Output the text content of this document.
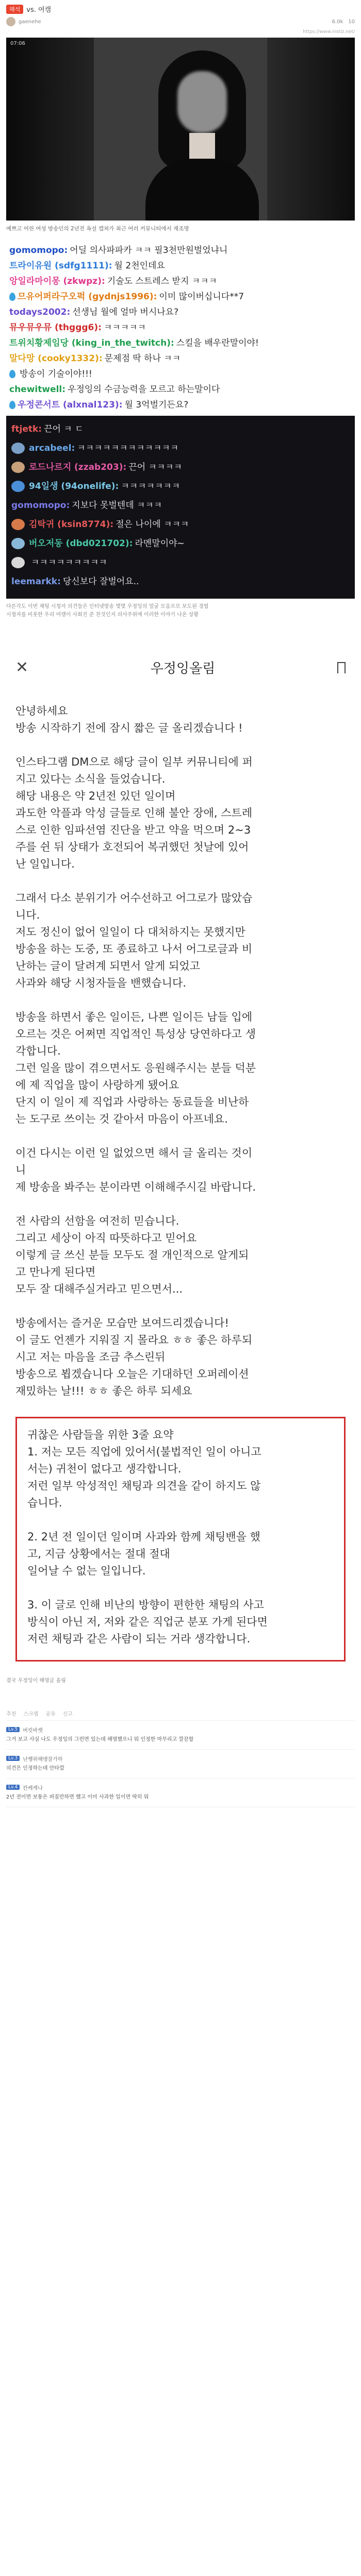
해석 vs. 여캠
gaenehe	6.0k 10
https://www.instiz.net/
07:06
예쁘고 어린 여성 방송인의 2년전 욕설 캡쳐가 최근 여러 커뮤니티에서 재조명
gomomopo: 어딜 의사파파카 ㅋㅋ 필3천만원벌었냐니
트라이유원 (sdfg1111): 월 2천인데요
앙일라마이몽 (zkwpz): 기술도 스트레스 받지 ㅋㅋㅋ
므유어퍼라구오퍽 (gydnjs1996): 이미 많이버십니다**7
todays2002: 선생님 월에 얼마 버시나요?
뮤우뮤우뮤 (thggg6): ㅋㅋㅋㅋㅋ
트위치황제임당 (king_in_the_twitch): 스킬을 배우란말이야!
말다망 (cooky1332): 문제점 딱 하나 ㅋㅋ
방송이 기술이야!!!
chewitwell: 우정잉의 수금능력을 모르고 하는말이다
우정콘서트 (alxnal123): 월 3억벌기든요?
ftjetk: 끈어 ㅋ ㄷ
arcabeel: ㅋㅋㅋㅋㅋㅋㅋㅋㅋㅋㅋㅋ
로드나르지 (zzab203): 끈어 ㅋㅋㅋㅋ
94일생 (94onelife): ㅋㅋㅋㅋㅋㅋㅋ
gomomopo: 지보다 못벌텐데 ㅋㅋㅋ
김탁귀 (ksin8774): 절은 나이에 ㅋㅋㅋ
버오저동 (dbd021702): 라멘말이야~
ㅋㅋㅋㅋㅋㅋㅋㅋㅋ
leemarkk: 당신보다 잘벌어요..
다른각도 이번 채팅 시청자 의견들은 인터넷방송 몇몇 우정잉의 얼굴 모음으로 보도된 경험
시청자를 비롯한 우리 여캠이 사회진 준 찬것인지 의사주위에 이러한 이야기 나온 상황
✕	우정잉올림
안녕하세요
방송 시작하기 전에 잠시 짧은 글 올리겠습니다 !
인스타그램 DM으로 해당 글이 일부 커뮤니티에 퍼
지고 있다는 소식을 들었습니다.
해당 내용은 약 2년전 있던 일이며
과도한 악플과 악성 글들로 인해 불안 장애, 스트레
스로 인한 임파선염 진단을 받고 약을 먹으며 2~3
주를 쉰 뒤 상태가 호전되어 복귀했던 첫날에 있어
난 일입니다.
그래서 다소 분위기가 어수선하고 어그로가 많았습
니다.
저도 정신이 없어 일일이 다 대처하지는 못했지만
방송을 하는 도중, 또 종료하고 나서 어그로글과 비
난하는 글이 달려계 되면서 알게 되었고
사과와 해당 시청자들을 밴했습니다.
방송을 하면서 좋은 일이든, 나쁜 일이든 남들 입에
오르는 것은 어쩌면 직업적인 특성상 당연하다고 생
각합니다.
그런 일을 많이 겪으면서도 응원해주시는 분들 덕분
에 제 직업을 많이 사랑하게 됐어요
단지 이 일이 제 직업과 사랑하는 동료들을 비난하
는 도구로 쓰이는 것 같아서 마음이 아프네요.
이건 다시는 이런 일 없었으면 해서 글 올리는 것이
니
제 방송을 봐주는 분이라면 이해해주시길 바랍니다.
전 사람의 선함을 여전히 믿습니다.
그리고 세상이 아직 따뜻하다고 믿어요
이렇게 글 쓰신 분들 모두도 절 개인적으로 알게되
고 만나게 된다면
모두 잘 대해주실거라고 믿으면서...
방송에서는 즐거운 모습만 보여드리겠습니다!
이 글도 언젠가 지워질 지 몰라요 ㅎㅎ 좋은 하루되
시고 저는 마음을 조금 추스린뒤
방송으로 뵙겠습니다 오늘은 기대하던 오퍼레이션
재밌하는 날!!! ㅎㅎ 좋은 하루 되세요
귀찮은 사람들을 위한 3줄 요약
1. 저는 모든 직업에 있어서(불법적인 일이 아니고
서는) 귀천이 없다고 생각합니다.
저런 일부 악성적인 채팅과 의견을 같이 하지도 않
습니다.

2. 2년 전 일이던 일이며 사과와 함께 채팅밴을 했
고, 지금 상황에서는 절대 절대
일어날 수 없는 일입니다.

3. 이 글로 인해 비난의 방향이 편한한 채팅의 사고
방식이 아닌 저, 저와 같은 직업군 분포 가게 된다면
저런 채팅과 같은 사람이 되는 거라 생각합니다.
결국 우정잉이 해명글 올림
추천 스크랩 공유 신고
Lv.5	버킷바켓
그거 보고 사실 나도 우정잉의 그런면 있는데 해명했으니 뭐 인정한 마무리고 깔끔함
Lv.3	난쨍위해맹잘가하
의견은 인정하는데 안타깝
Lv.4	칸케캐나
2년 전이면 보통은 퍼질만하면 했고 이미 사과한 일이면 딱히 뭐
